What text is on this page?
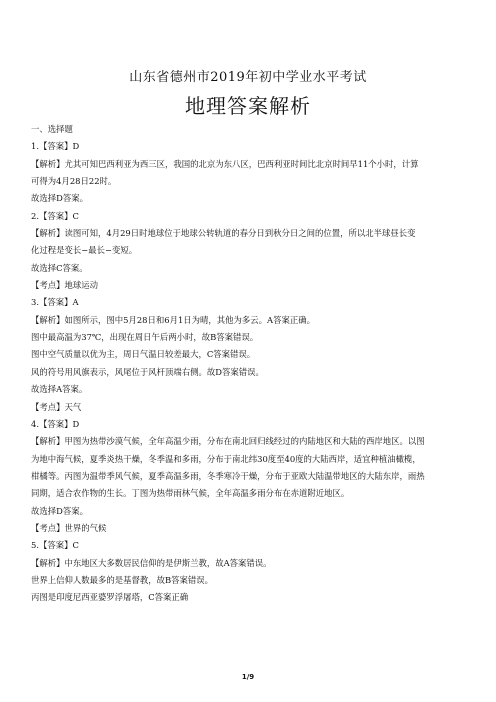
山东省德州市2019年初中学业水平考试
地理答案解析
一、选择题
1.【答案】D
【解析】尤其可知巴西利亚为西三区，我国的北京为东八区，巴西利亚时间比北京时间早11个小时，计算
可得为4月28日22时。
故选择D答案。
2.【答案】C
【解析】读图可知，4月29日时地球位于地球公转轨道的春分日到秋分日之间的位置，所以北半球昼长变
化过程是变长−最长−变短。
故选择C答案。
【考点】地球运动
3.【答案】A
【解析】如图所示，图中5月28日和6月1日为晴，其他为多云。A答案正确。
图中最高温为37℃，出现在周日午后两小时，故B答案错误。
图中空气质量以优为主，周日气温日较差最大，C答案错误。
风的符号用风旗表示，风尾位于风杆顶端右侧。故D答案错误。
故选择A答案。
【考点】天气
4.【答案】D
【解析】甲图为热带沙漠气候，全年高温少雨，分布在南北回归线经过的内陆地区和大陆的西岸地区。以图
为地中海气候，夏季炎热干燥，冬季温和多雨，分布于南北纬30度至40度的大陆西岸，适宜种植油橄榄，
柑橘等。丙图为温带季风气候，夏季高温多雨，冬季寒冷干燥，分布于亚欧大陆温带地区的大陆东岸，雨热
同期，适合农作物的生长。丁图为热带雨林气候，全年高温多雨分布在赤道附近地区。
故选择D答案。
【考点】世界的气候
5.【答案】C
【解析】中东地区大多数居民信仰的是伊斯兰教，故A答案错误。
世界上信仰人数最多的是基督教，故B答案错误。
丙图是印度尼西亚婆罗浮屠塔，C答案正确
1/9
